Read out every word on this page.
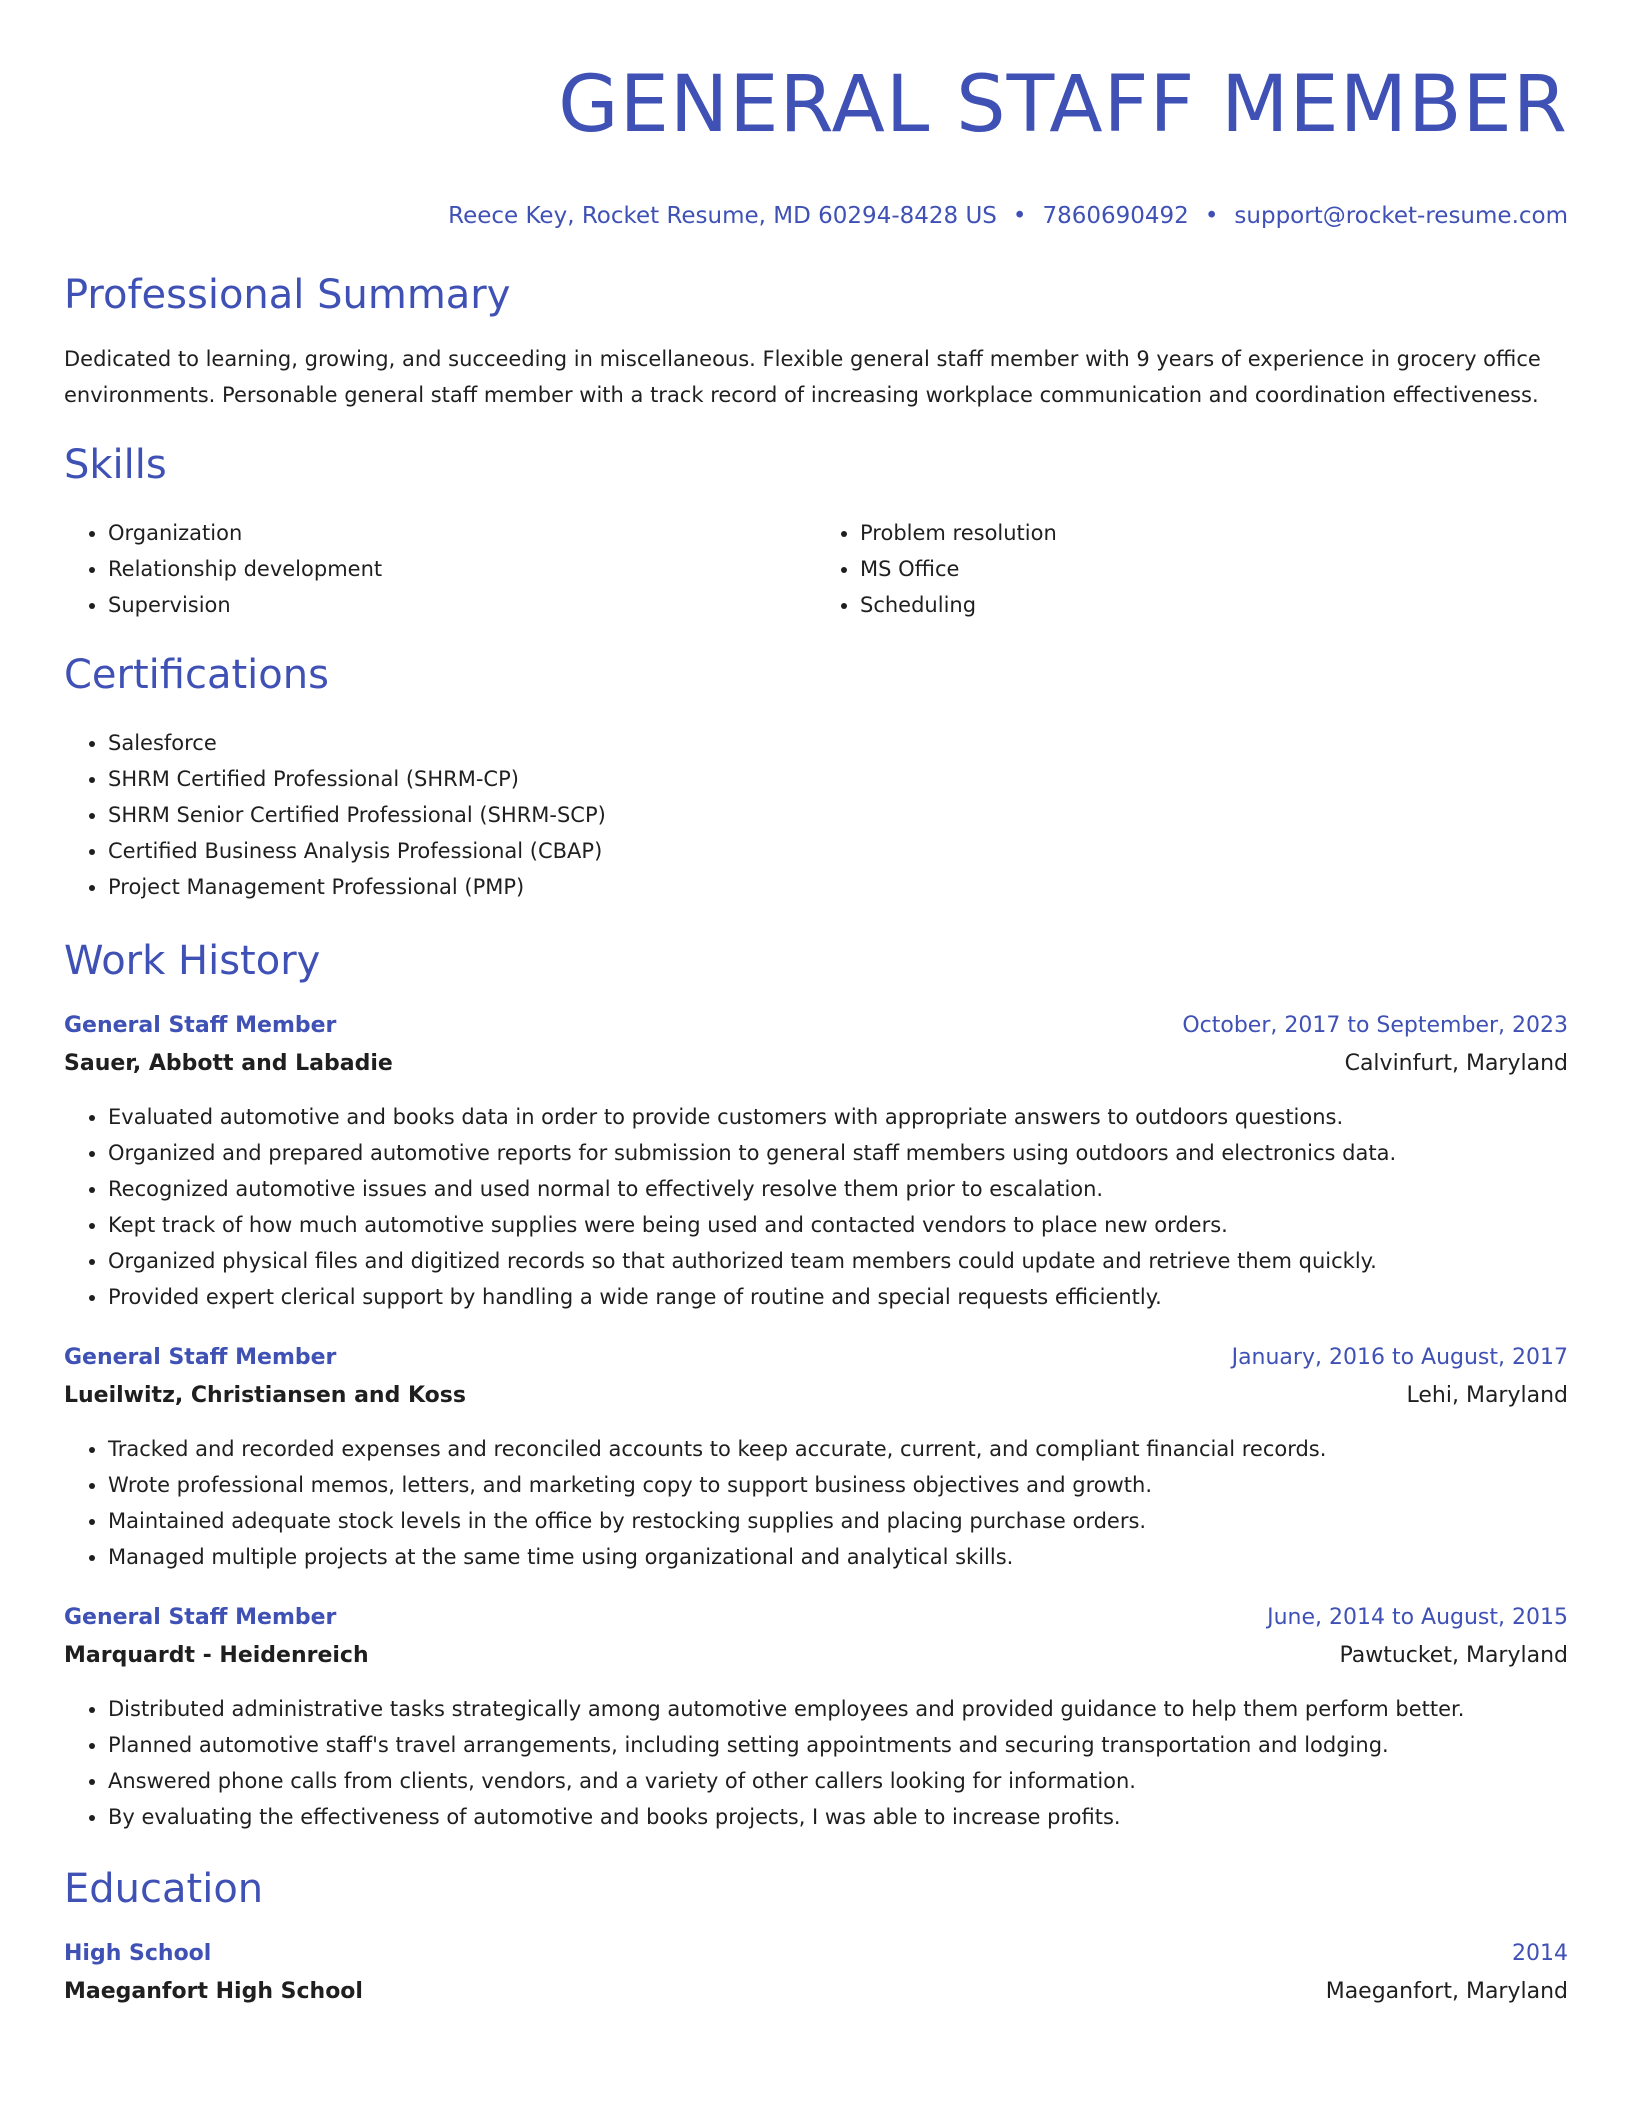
GENERAL STAFF MEMBER
Reece Key, Rocket Resume, MD 60294-8428 US • 7860690492 • support@rocket-resume.com
Professional Summary
Dedicated to learning, growing, and succeeding in miscellaneous. Flexible general staff member with 9 years of experience in grocery office environments. Personable general staff member with a track record of increasing workplace communication and coordination effectiveness.
Skills
• Organization
• Relationship development
• Supervision
• Problem resolution
• MS Office
• Scheduling
Certifications
• Salesforce
• SHRM Certified Professional (SHRM-CP)
• SHRM Senior Certified Professional (SHRM-SCP)
• Certified Business Analysis Professional (CBAP)
• Project Management Professional (PMP)
Work History
General Staff Member	October, 2017 to September, 2023
Sauer, Abbott and Labadie	Calvinfurt, Maryland
• Evaluated automotive and books data in order to provide customers with appropriate answers to outdoors questions.
• Organized and prepared automotive reports for submission to general staff members using outdoors and electronics data.
• Recognized automotive issues and used normal to effectively resolve them prior to escalation.
• Kept track of how much automotive supplies were being used and contacted vendors to place new orders.
• Organized physical files and digitized records so that authorized team members could update and retrieve them quickly.
• Provided expert clerical support by handling a wide range of routine and special requests efficiently.
General Staff Member	January, 2016 to August, 2017
Lueilwitz, Christiansen and Koss	Lehi, Maryland
• Tracked and recorded expenses and reconciled accounts to keep accurate, current, and compliant financial records.
• Wrote professional memos, letters, and marketing copy to support business objectives and growth.
• Maintained adequate stock levels in the office by restocking supplies and placing purchase orders.
• Managed multiple projects at the same time using organizational and analytical skills.
General Staff Member	June, 2014 to August, 2015
Marquardt - Heidenreich	Pawtucket, Maryland
• Distributed administrative tasks strategically among automotive employees and provided guidance to help them perform better.
• Planned automotive staff's travel arrangements, including setting appointments and securing transportation and lodging.
• Answered phone calls from clients, vendors, and a variety of other callers looking for information.
• By evaluating the effectiveness of automotive and books projects, I was able to increase profits.
Education
High School	2014
Maeganfort High School	Maeganfort, Maryland
